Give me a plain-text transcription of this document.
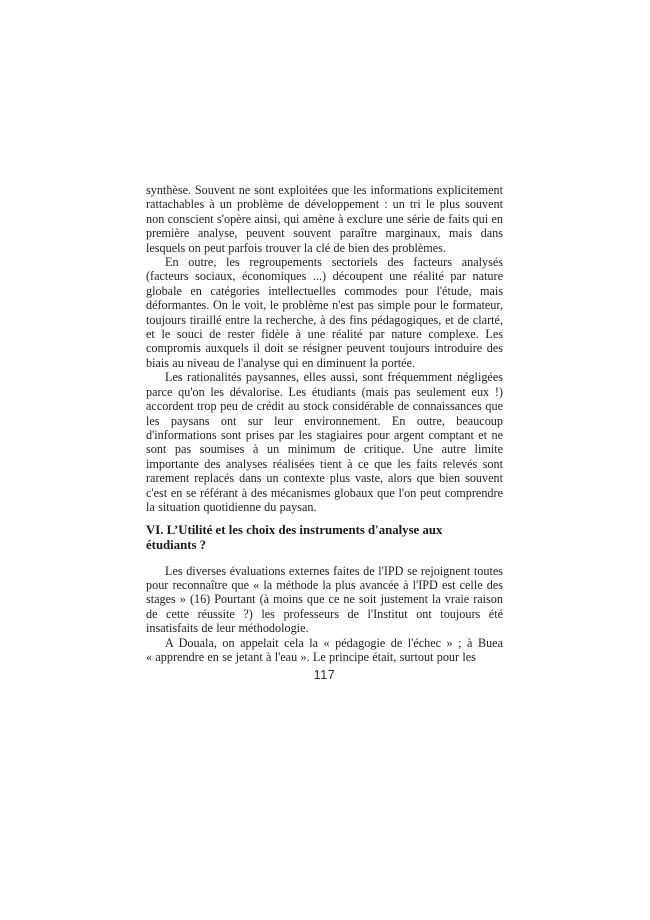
synthèse. Souvent ne sont exploitées que les informations explicitement rattachables à un problème de développement : un tri le plus souvent non conscient s'opère ainsi, qui amène à exclure une série de faits qui en première analyse, peuvent souvent paraître marginaux, mais dans lesquels on peut parfois trouver la clé de bien des problèmes.

En outre, les regroupements sectoriels des facteurs analysés (facteurs sociaux, économiques ...) découpent une réalité par nature globale en catégories intellectuelles commodes pour l'étude, mais déformantes. On le voit, le problème n'est pas simple pour le formateur, toujours tiraillé entre la recherche, à des fins pédagogiques, et de clarté, et le souci de rester fidèle à une réalité par nature complexe. Les compromis auxquels il doit se résigner peuvent toujours introduire des biais au niveau de l'analyse qui en diminuent la portée.

Les rationalités paysannes, elles aussi, sont fréquemment négligées parce qu'on les dévalorise. Les étudiants (mais pas seulement eux !) accordent trop peu de crédit au stock considérable de connaissances que les paysans ont sur leur environnement. En outre, beaucoup d'informations sont prises par les stagiaires pour argent comptant et ne sont pas soumises à un minimum de critique. Une autre limite importante des analyses réalisées tient à ce que les faits relevés sont rarement replacés dans un contexte plus vaste, alors que bien souvent c'est en se référant à des mécanismes globaux que l'on peut comprendre la situation quotidienne du paysan.

VI. L’Utilité et les choix des instruments d'analyse aux étudiants ?

Les diverses évaluations externes faites de l'IPD se rejoignent toutes pour reconnaître que « la méthode la plus avancée à l'IPD est celle des stages » (16) Pourtant (à moins que ce ne soit justement la vraie raison de cette réussite ?) les professeurs de l'Institut ont toujours été insatisfaits de leur méthodologie.

A Douala, on appelait cela la « pédagogie de l'échec » ; à Buea « apprendre en se jetant à l'eau ». Le principe était, surtout pour les

117
